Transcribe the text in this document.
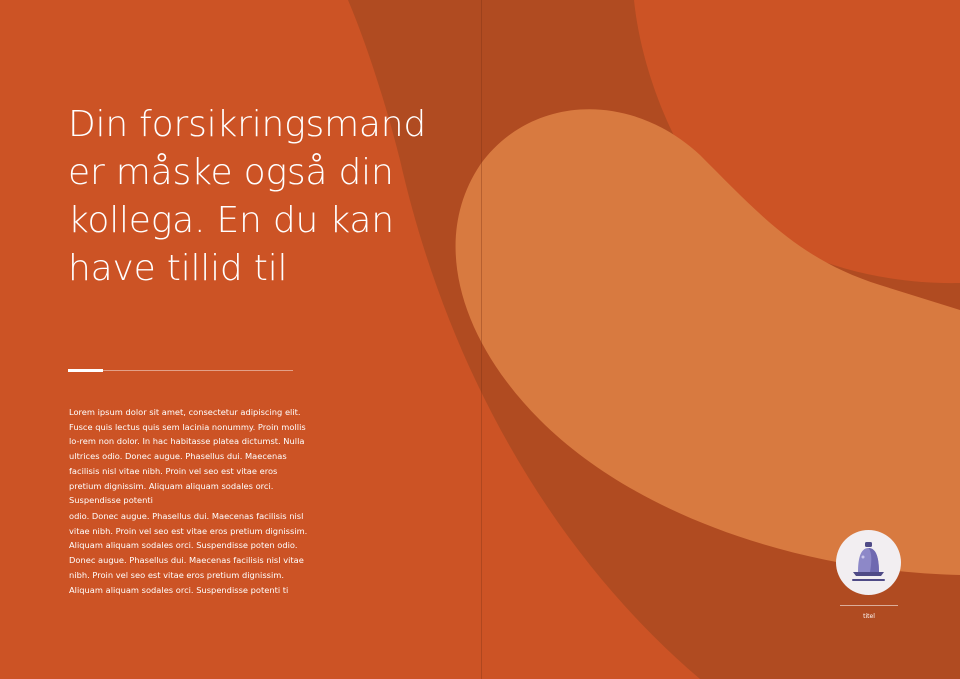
Din forsikringsmand er måske også din kollega. En du kan have tillid til

Lorem ipsum dolor sit amet, consectetur adipiscing elit. Fusce quis lectus quis sem lacinia nonummy. Proin mollis lo-rem non dolor. In hac habitasse platea dictumst. Nulla ultrices odio. Donec augue. Phasellus dui. Maecenas facilisis nisl vitae nibh. Proin vel seo est vitae eros pretium dignissim. Aliquam aliquam sodales orci. Suspendisse potenti

odio. Donec augue. Phasellus dui. Maecenas facilisis nisl vitae nibh. Proin vel seo est vitae eros pretium dignissim. Aliquam aliquam sodales orci. Suspendisse poten odio. Donec augue. Phasellus dui. Maecenas facilisis nisl vitae nibh. Proin vel seo est vitae eros pretium dignissim. Aliquam aliquam sodales orci. Suspendisse potenti ti

titel
